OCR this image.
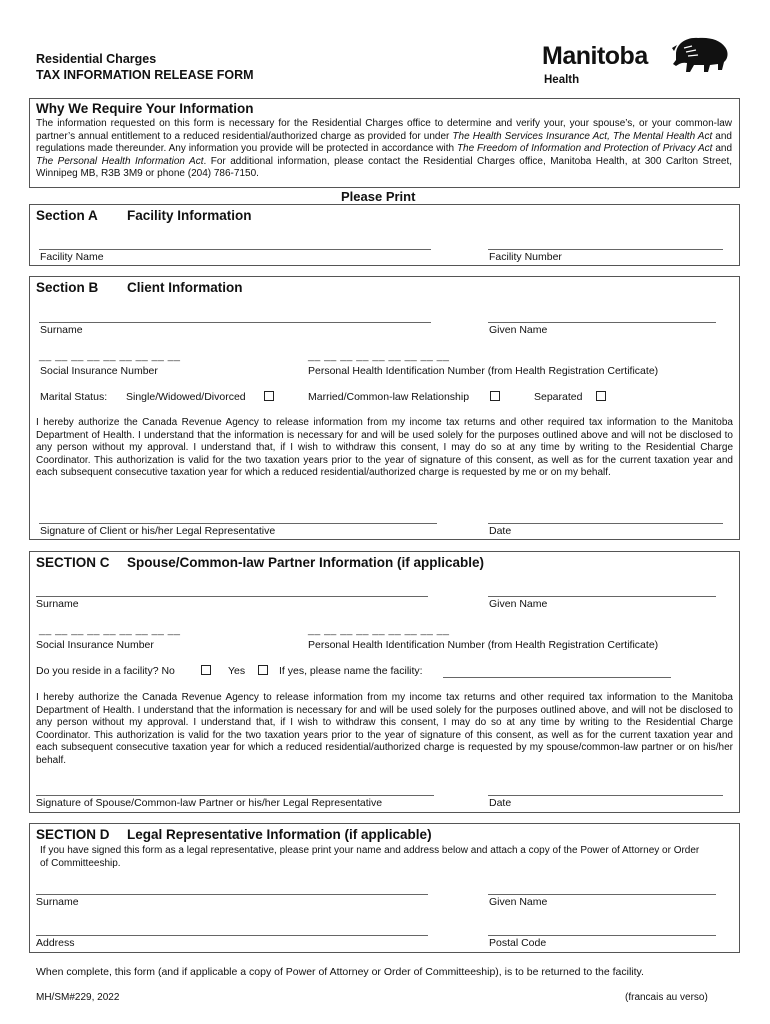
Residential Charges
TAX INFORMATION RELEASE FORM
Manitoba
Health
Why We Require Your Information
The information requested on this form is necessary for the Residential Charges office to determine and verify your, your spouse’s, or your common-law partner’s annual entitlement to a reduced residential/authorized charge as provided for under The Health Services Insurance Act, The Mental Health Act and regulations made thereunder. Any information you provide will be protected in accordance with The Freedom of Information and Protection of Privacy Act and The Personal Health Information Act. For additional information, please contact the Residential Charges office, Manitoba Health, at 300 Carlton Street, Winnipeg MB, R3B 3M9 or phone (204) 786-7150.
Please Print
Section A Facility Information
Facility Name	Facility Number
Section B Client Information
Surname	Given Name
__ __ __ __ __ __ __ __ __
Social Insurance Number
__ __ __ __ __ __ __ __ __
Personal Health Identification Number (from Health Registration Certificate)
Marital Status: Single/Widowed/Divorced	Married/Common-law Relationship	Separated
I hereby authorize the Canada Revenue Agency to release information from my income tax returns and other required tax information to the Manitoba Department of Health. I understand that the information is necessary for and will be used solely for the purposes outlined above and will not be disclosed to any person without my approval. I understand that, if I wish to withdraw this consent, I may do so at any time by writing to the Residential Charge Coordinator. This authorization is valid for the two taxation years prior to the year of signature of this consent, as well as for the current taxation year and each subsequent consecutive taxation year for which a reduced residential/authorized charge is requested by me or on my behalf.
Signature of Client or his/her Legal Representative	Date
SECTION C Spouse/Common-law Partner Information (if applicable)
Surname	Given Name
__ __ __ __ __ __ __ __ __
Social Insurance Number
__ __ __ __ __ __ __ __ __
Personal Health Identification Number (from Health Registration Certificate)
Do you reside in a facility? No	Yes	If yes, please name the facility:
I hereby authorize the Canada Revenue Agency to release information from my income tax returns and other required tax information to the Manitoba Department of Health. I understand that the information is necessary for and will be used solely for the purposes outlined above, and will not be disclosed to any person without my approval. I understand that, if I wish to withdraw this consent, I may do so at any time by writing to the Residential Charge Coordinator. This authorization is valid for the two taxation years prior to the year of signature of this consent, as well as for the current taxation year and each subsequent consecutive taxation year for which a reduced residential/authorized charge is requested by my spouse/common-law partner or on his/her behalf.
Signature of Spouse/Common-law Partner or his/her Legal Representative	Date
SECTION D Legal Representative Information (if applicable)
If you have signed this form as a legal representative, please print your name and address below and attach a copy of the Power of Attorney or Order of Committeeship.
Surname	Given Name
Address	Postal Code
When complete, this form (and if applicable a copy of Power of Attorney or Order of Committeeship), is to be returned to the facility.
MH/SM#229, 2022	(francais au verso)
